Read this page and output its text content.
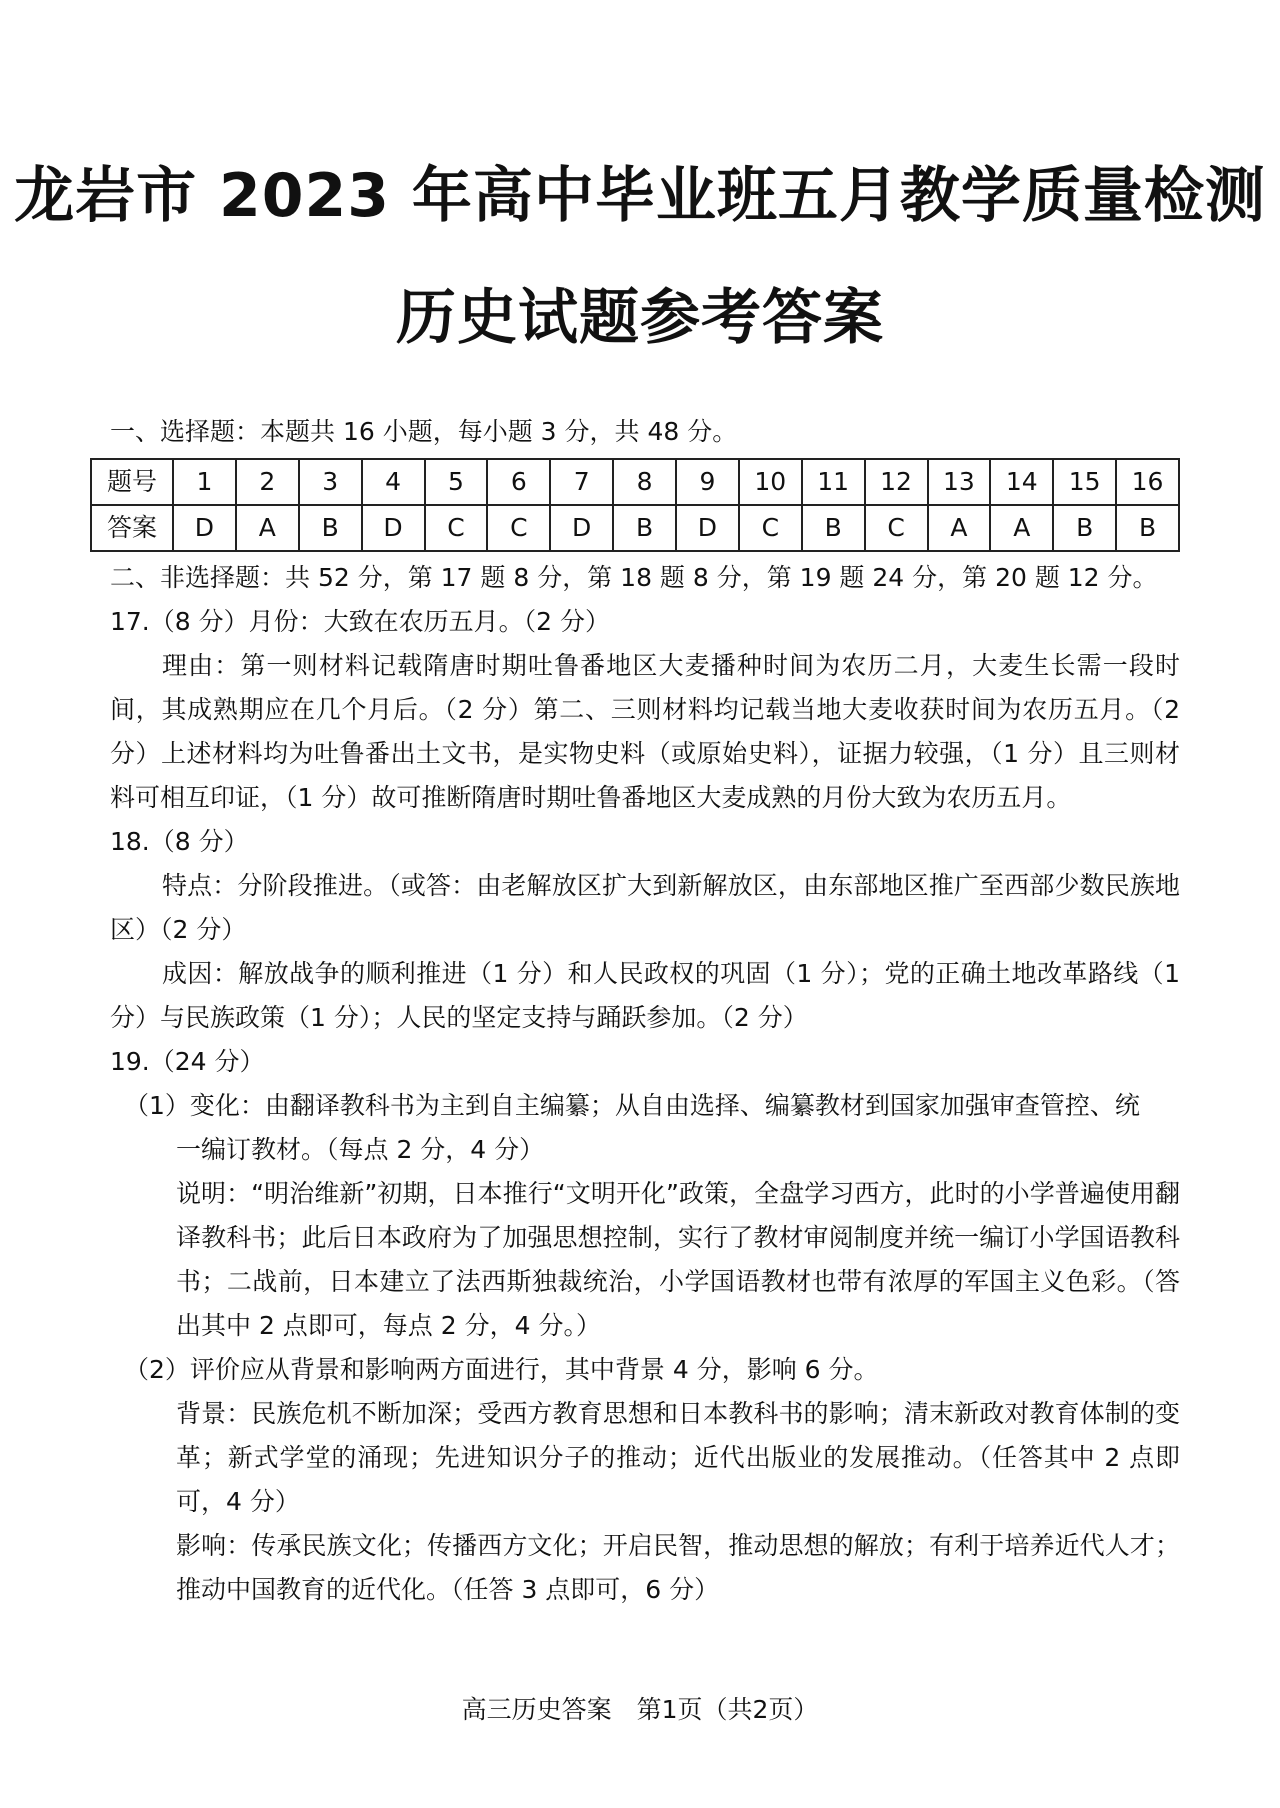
龙岩市 2023 年高中毕业班五月教学质量检测
历史试题参考答案
一、选择题：本题共 16 小题，每小题 3 分，共 48 分。
题号	1	2	3	4	5	6	7	8	9	10	11	12	13	14	15	16
答案	D	A	B	D	C	C	D	B	D	C	B	C	A	A	B	B
二、非选择题：共 52 分，第 17 题 8 分，第 18 题 8 分，第 19 题 24 分，第 20 题 12 分。
17.（8 分）月份：大致在农历五月。（2 分）

理由：第一则材料记载隋唐时期吐鲁番地区大麦播种时间为农历二月，大麦生长需一段时间，其成熟期应在几个月后。（2 分）第二、三则材料均记载当地大麦收获时间为农历五月。（2 分）上述材料均为吐鲁番出土文书，是实物史料（或原始史料），证据力较强，（1 分）且三则材料可相互印证，（1 分）故可推断隋唐时期吐鲁番地区大麦成熟的月份大致为农历五月。

18.（8 分）

特点：分阶段推进。（或答：由老解放区扩大到新解放区，由东部地区推广至西部少数民族地区）（2 分）

成因：解放战争的顺利推进（1 分）和人民政权的巩固（1 分）；党的正确土地改革路线（1 分）与民族政策（1 分）；人民的坚定支持与踊跃参加。（2 分）

19.（24 分）
（1）变化：由翻译教科书为主到自主编纂；从自由选择、编纂教材到国家加强审查管控、统

一编订教材。（每点 2 分，4 分）

说明：“明治维新”初期，日本推行“文明开化”政策，全盘学习西方，此时的小学普遍使用翻译教科书；此后日本政府为了加强思想控制，实行了教材审阅制度并统一编订小学国语教科书；二战前，日本建立了法西斯独裁统治，小学国语教材也带有浓厚的军国主义色彩。（答出其中 2 点即可，每点 2 分，4 分。）

（2）评价应从背景和影响两方面进行，其中背景 4 分，影响 6 分。

背景：民族危机不断加深；受西方教育思想和日本教科书的影响；清末新政对教育体制的变革；新式学堂的涌现；先进知识分子的推动；近代出版业的发展推动。（任答其中 2 点即可，4 分）

影响：传承民族文化；传播西方文化；开启民智，推动思想的解放；有利于培养近代人才；推动中国教育的近代化。（任答 3 点即可，6 分）

高三历史答案　第1页（共2页）
